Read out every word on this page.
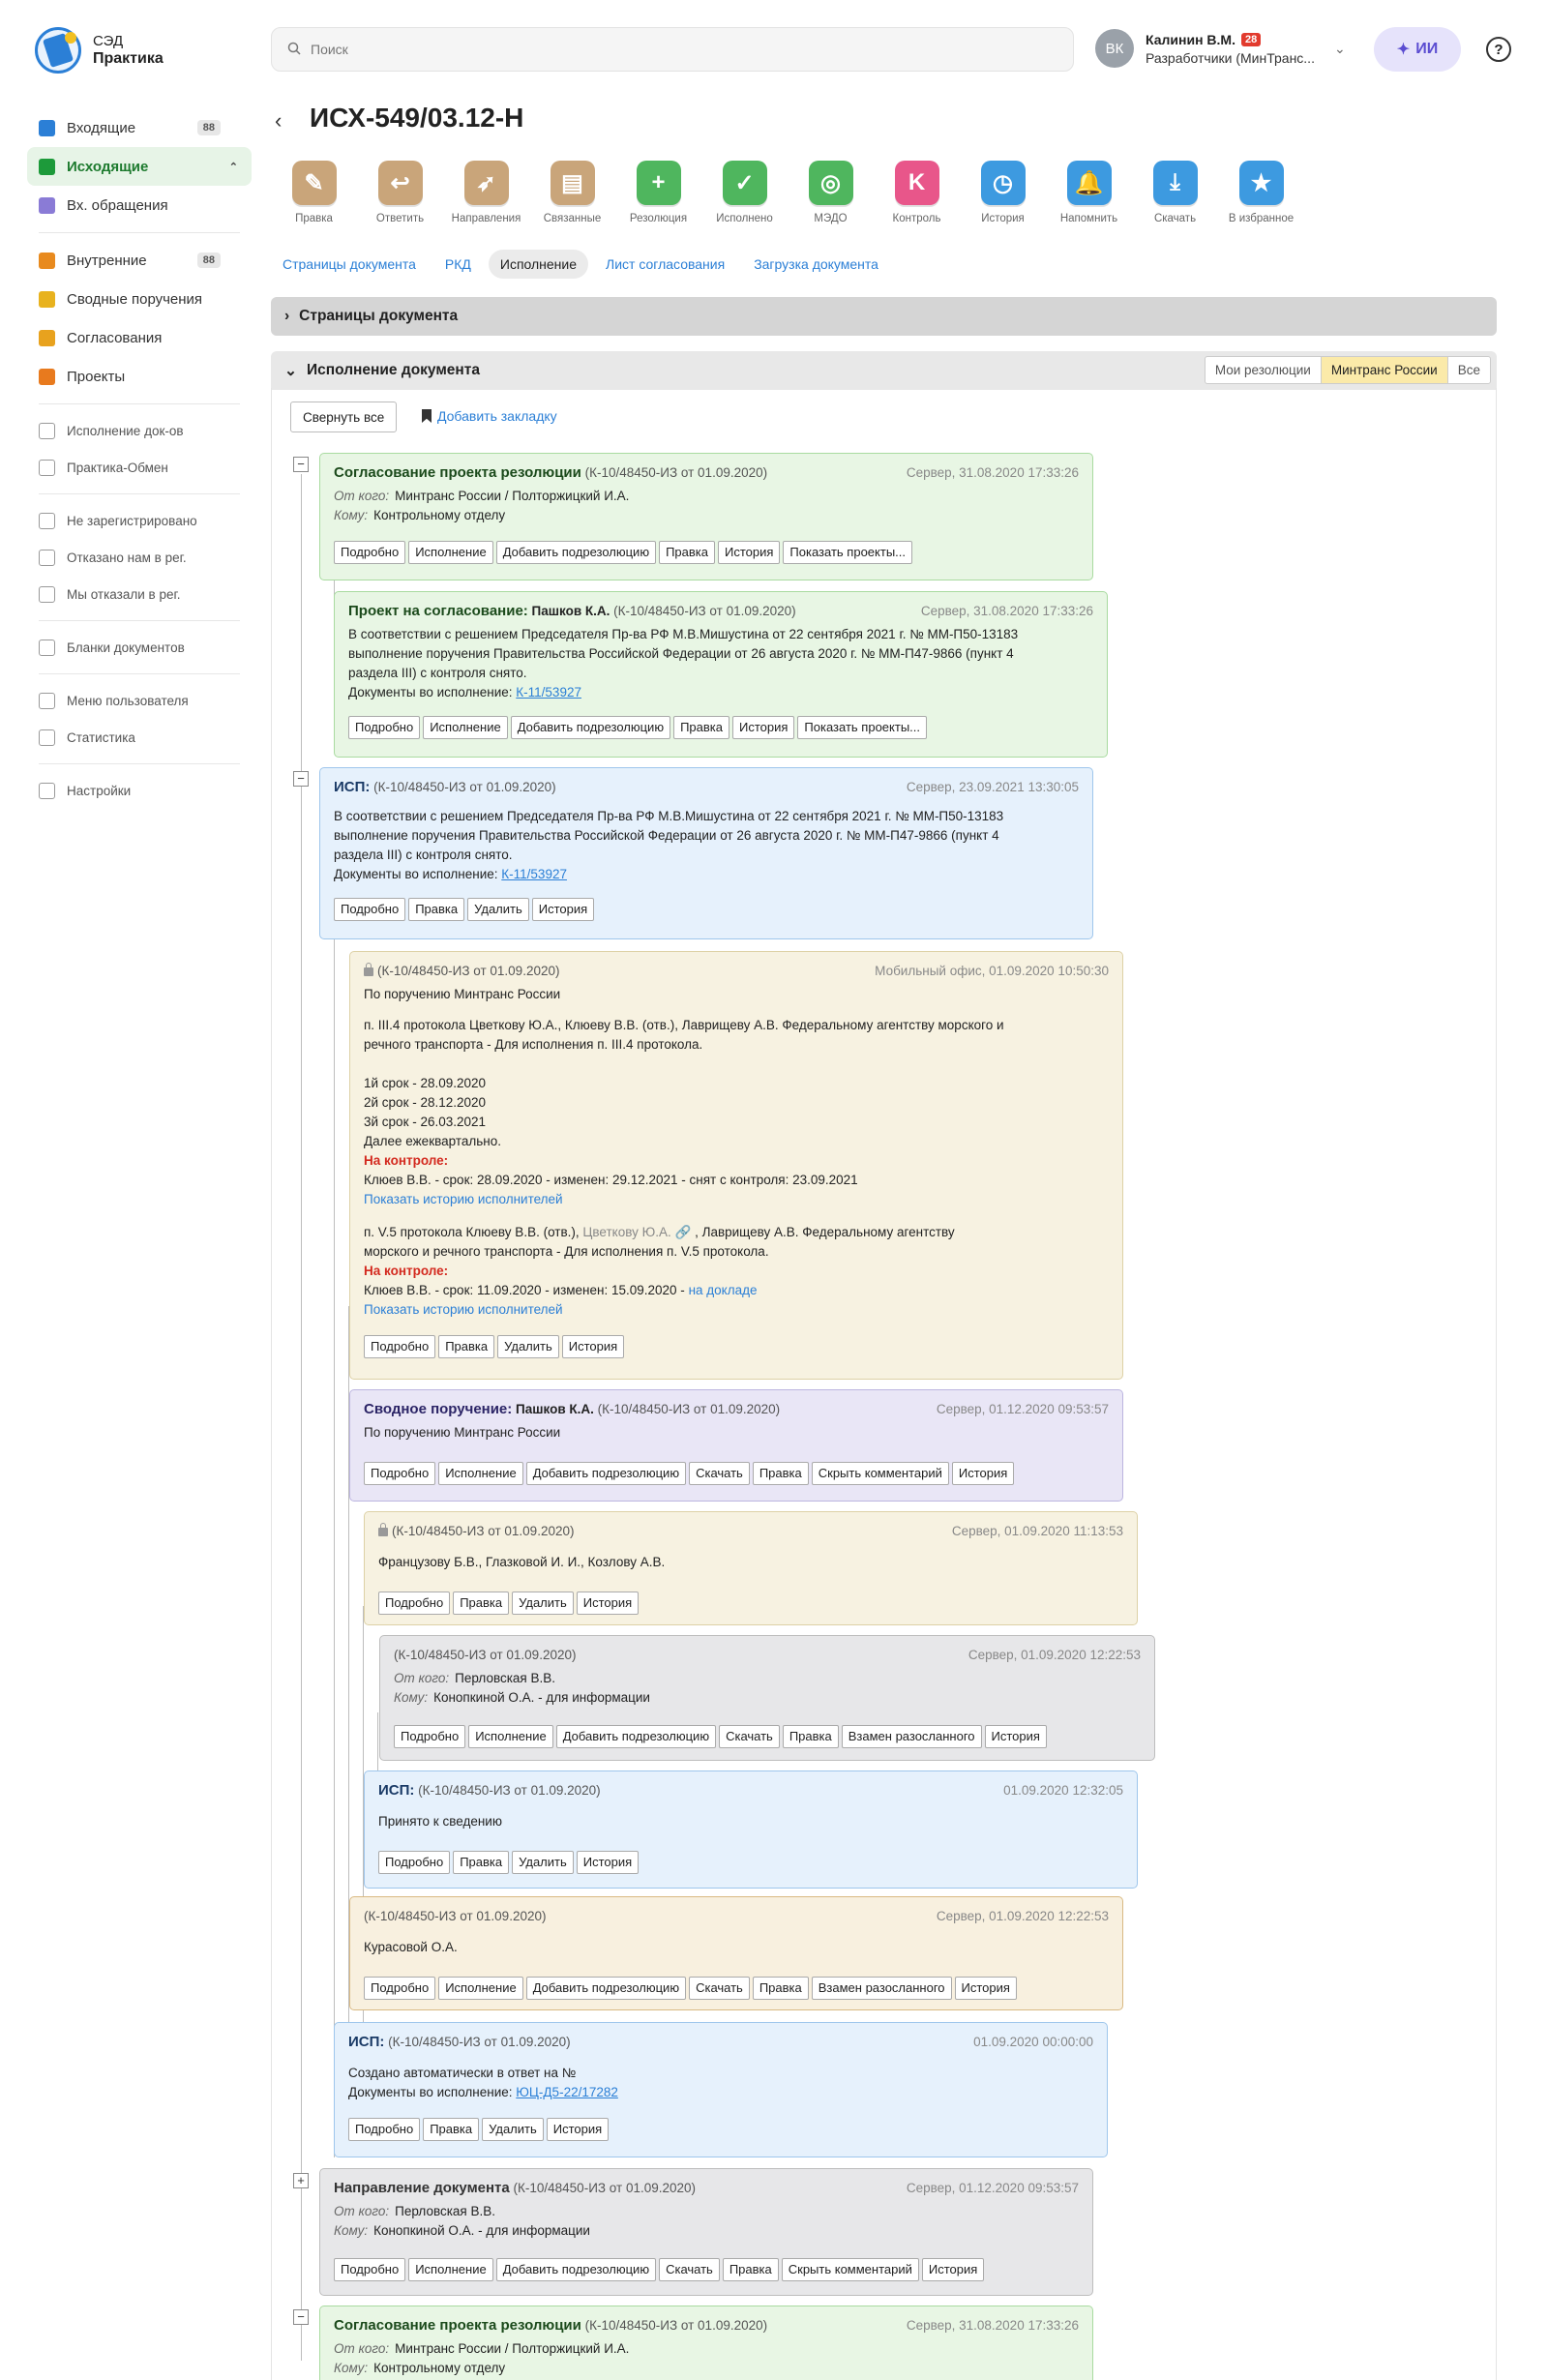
СЭД
Практика
Входящие	88
Исходящие	⌃
Вх. обращения
Внутренние	88
Сводные поручения
Согласования
Проекты
Исполнение док-ов
Практика-Обмен
Не зарегистрировано
Отказано нам в рег.
Мы отказали в рег.
Бланки документов
Меню пользователя
Статистика
Настройки
Поиск
ВК
Калинин В.М. 28
Разработчики (МинТранс...
⌄	✦ ИИ	?
‹ ИСХ-549/03.12-Н
✎
Правка
↩
Ответить
➶
Направления
▤
Связанные
+
Резолюция
✓
Исполнено
◎
МЭДО
K
Контроль
◷
История
🔔
Напомнить
⤓
Скачать
★
В избранное
Страницы документа	РКД	Исполнение	Лист согласования	Загрузка документа
› Страницы документа
⌄ Исполнение документа	Мои резолюции	Минтранс России	Все
Свернуть все	Добавить закладку
−
−
+
−
Согласование проекта резолюции (К-10/48450-ИЗ от 01.09.2020)	Сервер, 31.08.2020 17:33:26
От кого: Минтранс России / Полторжицкий И.А.
Кому: Контрольному отделу
Подробно	Исполнение	Добавить подрезолюцию	Правка	История	Показать проекты...
Проект на согласование: Пашков К.А. (К-10/48450-ИЗ от 01.09.2020)	Сервер, 31.08.2020 17:33:26
В соответствии с решением Председателя Пр-ва РФ М.В.Мишустина от 22 сентября 2021 г. № ММ-П50-13183
выполнение поручения Правительства Российской Федерации от 26 августа 2020 г. № ММ-П47-9866 (пункт 4
раздела III) с контроля снято.
Документы во исполнение: К-11/53927
Подробно	Исполнение	Добавить подрезолюцию	Правка	История	Показать проекты...
ИСП: (К-10/48450-ИЗ от 01.09.2020)	Сервер, 23.09.2021 13:30:05
В соответствии с решением Председателя Пр-ва РФ М.В.Мишустина от 22 сентября 2021 г. № ММ-П50-13183
выполнение поручения Правительства Российской Федерации от 26 августа 2020 г. № ММ-П47-9866 (пункт 4
раздела III) с контроля снято.
Документы во исполнение: К-11/53927
Подробно	Правка	Удалить	История
(К-10/48450-ИЗ от 01.09.2020)	Мобильный офис, 01.09.2020 10:50:30
По поручению Минтранс России
п. III.4 протокола Цветкову Ю.А., Клюеву В.В. (отв.), Лаврищеву А.В. Федеральному агентству морского и
речного транспорта - Для исполнения п. III.4 протокола.
1й срок - 28.09.2020
2й срок - 28.12.2020
3й срок - 26.03.2021
Далее ежеквартально.
На контроле:
Клюев В.В. - срок: 28.09.2020 - изменен: 29.12.2021 - снят с контроля: 23.09.2021
Показать историю исполнителей
п. V.5 протокола Клюеву В.В. (отв.), Цветкову Ю.А. 🔗 , Лаврищеву А.В. Федеральному агентству
морского и речного транспорта - Для исполнения п. V.5 протокола.
На контроле:
Клюев В.В. - срок: 11.09.2020 - изменен: 15.09.2020 - на докладе
Показать историю исполнителей
Подробно	Правка	Удалить	История
Сводное поручение: Пашков К.А. (К-10/48450-ИЗ от 01.09.2020)	Сервер, 01.12.2020 09:53:57
По поручению Минтранс России
Подробно	Исполнение	Добавить подрезолюцию	Скачать	Правка	Скрыть комментарий	История
(К-10/48450-ИЗ от 01.09.2020)	Сервер, 01.09.2020 11:13:53
Французову Б.В., Глазковой И. И., Козлову А.В.
Подробно	Правка	Удалить	История
(К-10/48450-ИЗ от 01.09.2020)	Сервер, 01.09.2020 12:22:53
От кого: Перловская В.В.
Кому: Конопкиной О.А. - для информации
Подробно	Исполнение	Добавить подрезолюцию	Скачать	Правка	Взамен разосланного	История
ИСП: (К-10/48450-ИЗ от 01.09.2020)	01.09.2020 12:32:05
Принято к сведению
Подробно	Правка	Удалить	История
(К-10/48450-ИЗ от 01.09.2020)	Сервер, 01.09.2020 12:22:53
Курасовой О.А.
Подробно	Исполнение	Добавить подрезолюцию	Скачать	Правка	Взамен разосланного	История
ИСП: (К-10/48450-ИЗ от 01.09.2020)	01.09.2020 00:00:00
Создано автоматически в ответ на №
Документы во исполнение: ЮЦ-Д5-22/17282
Подробно	Правка	Удалить	История
Направление документа (К-10/48450-ИЗ от 01.09.2020)	Сервер, 01.12.2020 09:53:57
От кого: Перловская В.В.
Кому: Конопкиной О.А. - для информации
Подробно	Исполнение	Добавить подрезолюцию	Скачать	Правка	Скрыть комментарий	История
Согласование проекта резолюции (К-10/48450-ИЗ от 01.09.2020)	Сервер, 31.08.2020 17:33:26
От кого: Минтранс России / Полторжицкий И.А.
Кому: Контрольному отделу
